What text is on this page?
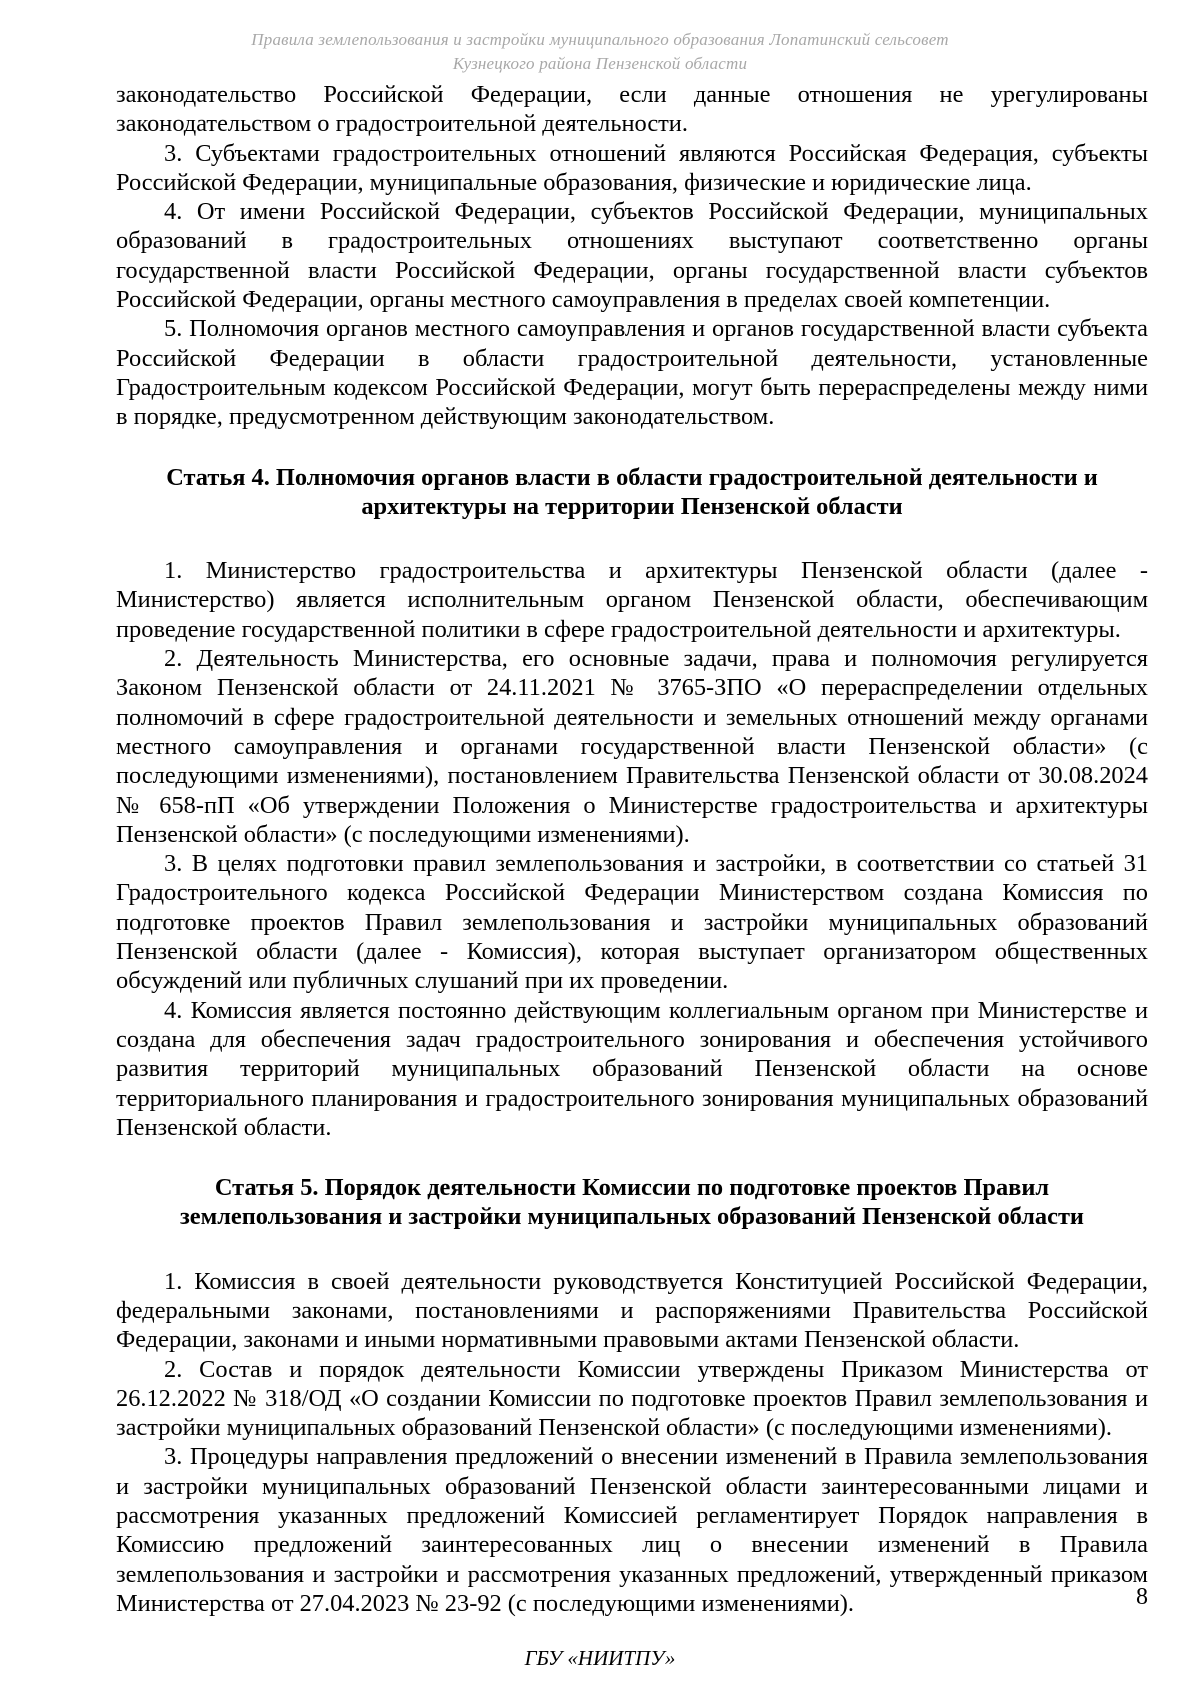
Правила землепользования и застройки муниципального образования Лопатинский сельсовет
Кузнецкого района Пензенской области

законодательство Российской Федерации, если данные отношения не урегулированы законодательством о градостроительной деятельности.

3. Субъектами градостроительных отношений являются Российская Федерация, субъекты Российской Федерации, муниципальные образования, физические и юридические лица.

4. От имени Российской Федерации, субъектов Российской Федерации, муниципальных образований в градостроительных отношениях выступают соответственно органы государственной власти Российской Федерации, органы государственной власти субъектов Российской Федерации, органы местного самоуправления в пределах своей компетенции.

5. Полномочия органов местного самоуправления и органов государственной власти субъекта Российской Федерации в области градостроительной деятельности, установленные Градостроительным кодексом Российской Федерации, могут быть перераспределены между ними в порядке, предусмотренном действующим законодательством.

Статья 4. Полномочия органов власти в области градостроительной деятельности и
архитектуры на территории Пензенской области

1. Министерство градостроительства и архитектуры Пензенской области (далее - Министерство) является исполнительным органом Пензенской области, обеспечивающим проведение государственной политики в сфере градостроительной деятельности и архитектуры.

2. Деятельность Министерства, его основные задачи, права и полномочия регулируется Законом Пензенской области от 24.11.2021 № 3765-ЗПО «О перераспределении отдельных полномочий в сфере градостроительной деятельности и земельных отношений между органами местного самоуправления и органами государственной власти Пензенской области» (с последующими изменениями), постановлением Правительства Пензенской области от 30.08.2024 № 658-пП «Об утверждении Положения о Министерстве градостроительства и архитектуры Пензенской области» (с последующими изменениями).

3. В целях подготовки правил землепользования и застройки, в соответствии со статьей 31 Градостроительного кодекса Российской Федерации Министерством создана Комиссия по подготовке проектов Правил землепользования и застройки муниципальных образований Пензенской области (далее - Комиссия), которая выступает организатором общественных обсуждений или публичных слушаний при их проведении.

4. Комиссия является постоянно действующим коллегиальным органом при Министерстве и создана для обеспечения задач градостроительного зонирования и обеспечения устойчивого развития территорий муниципальных образований Пензенской области на основе территориального планирования и градостроительного зонирования муниципальных образований Пензенской области.

Статья 5. Порядок деятельности Комиссии по подготовке проектов Правил
землепользования и застройки муниципальных образований Пензенской области

1. Комиссия в своей деятельности руководствуется Конституцией Российской Федерации, федеральными законами, постановлениями и распоряжениями Правительства Российской Федерации, законами и иными нормативными правовыми актами Пензенской области.

2. Состав и порядок деятельности Комиссии утверждены Приказом Министерства от 26.12.2022 № 318/ОД «О создании Комиссии по подготовке проектов Правил землепользования и застройки муниципальных образований Пензенской области» (с последующими изменениями).

3. Процедуры направления предложений о внесении изменений в Правила землепользования и застройки муниципальных образований Пензенской области заинтересованными лицами и рассмотрения указанных предложений Комиссией регламентирует Порядок направления в Комиссию предложений заинтересованных лиц о внесении изменений в Правила землепользования и застройки и рассмотрения указанных предложений, утвержденный приказом Министерства от 27.04.2023 № 23-92 (с последующими изменениями).	8
ГБУ «НИИТПУ»
